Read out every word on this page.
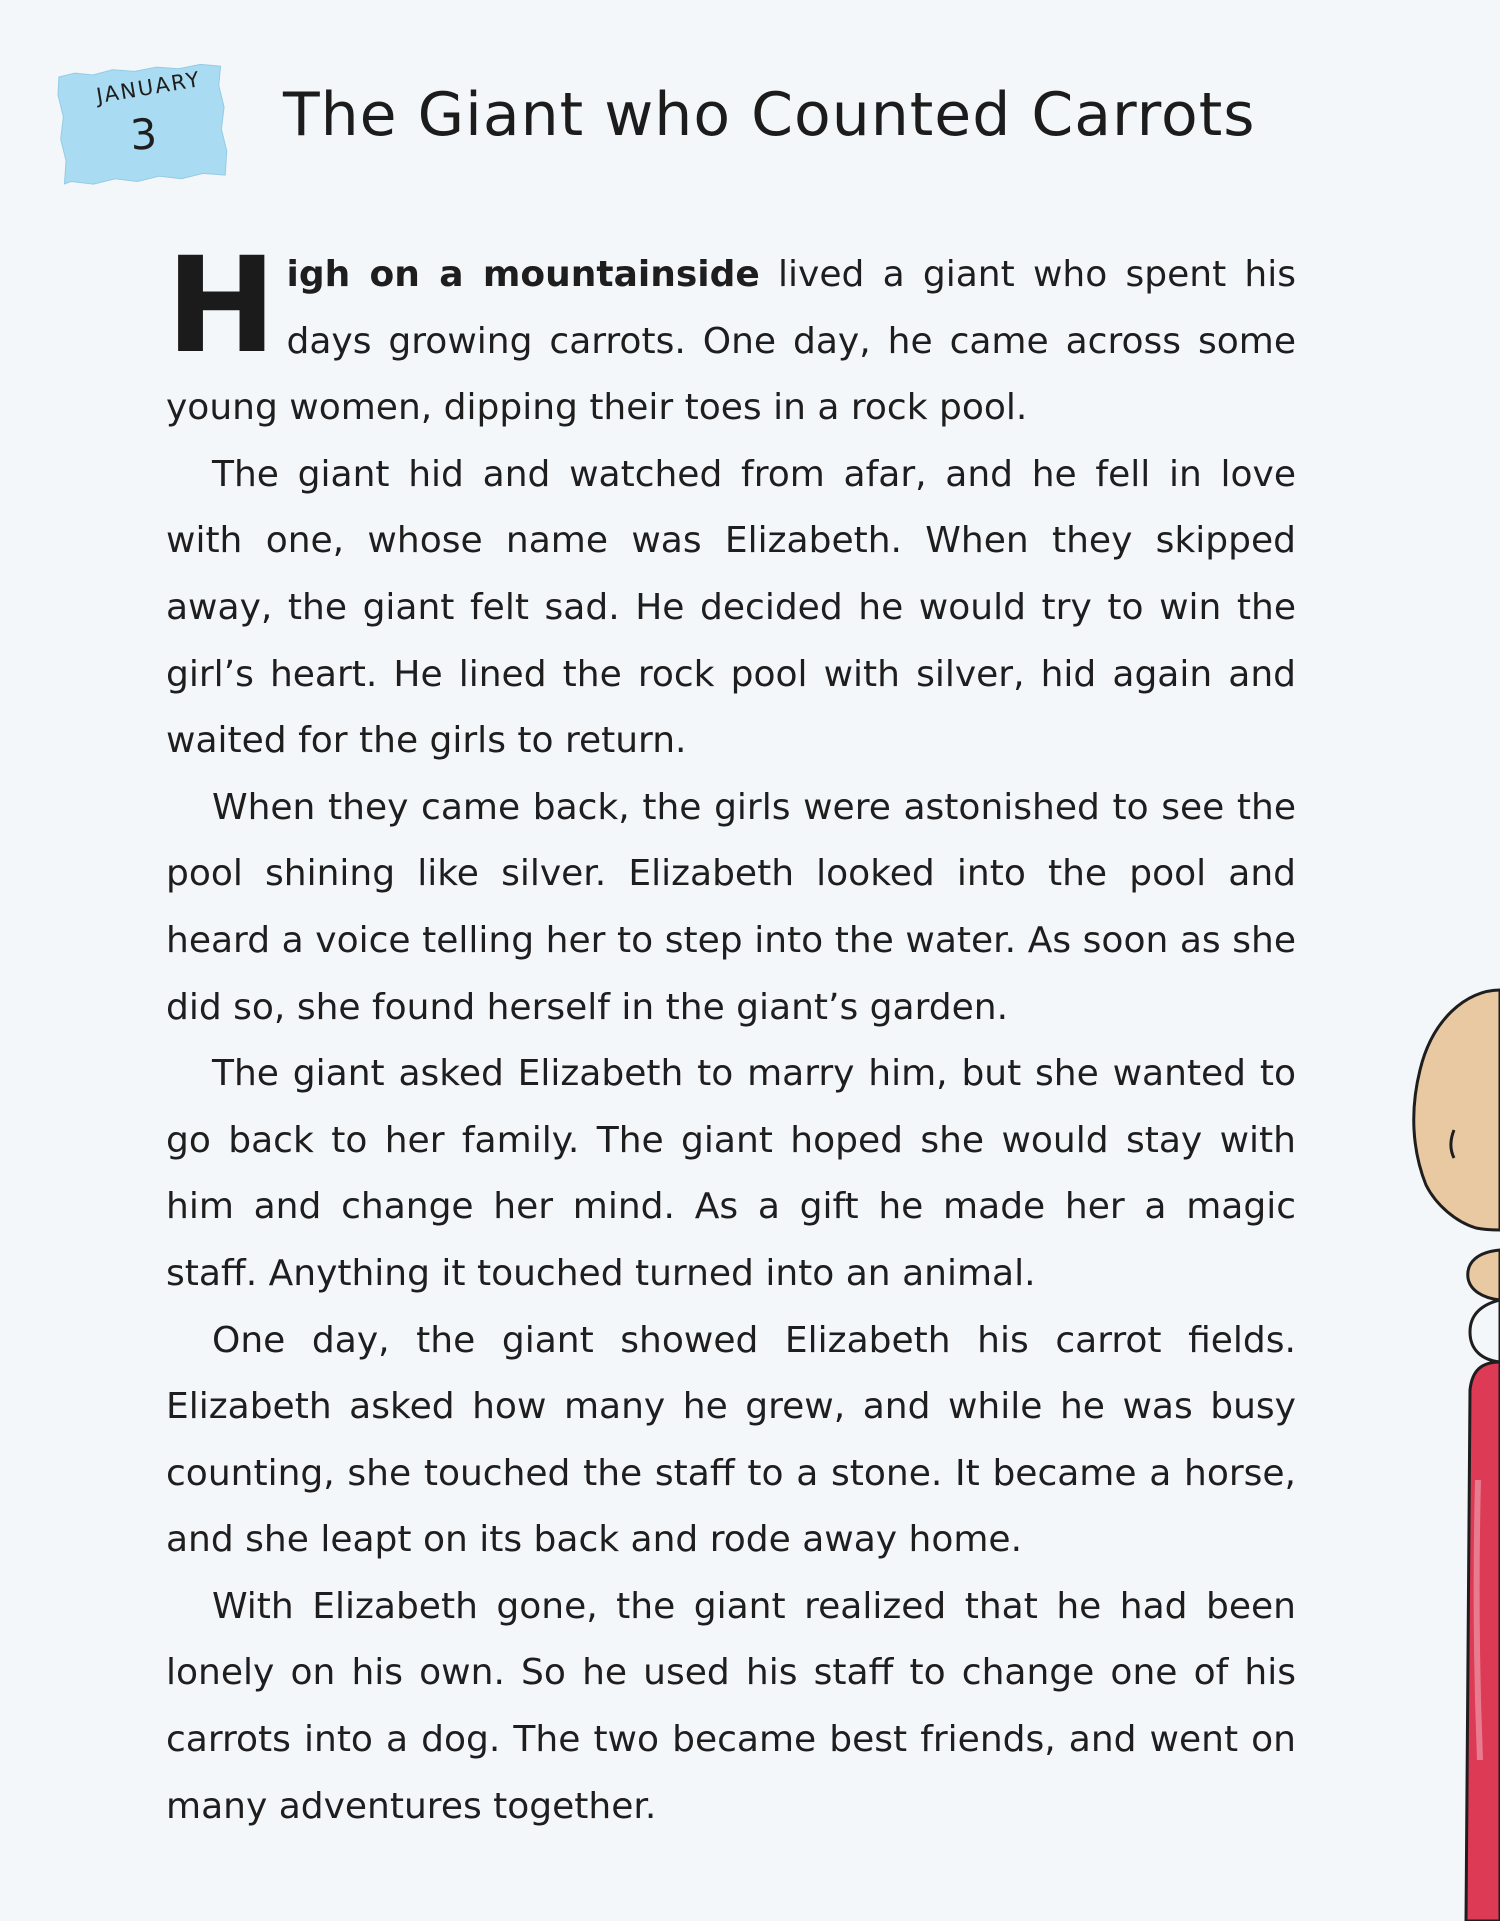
JANUARY
3	The Giant who Counted Carrots

High on a mountainside lived a giant who spent his days growing carrots. One day, he came across some young women, dipping their toes in a rock pool.

The giant hid and watched from afar, and he fell in love with one, whose name was Elizabeth. When they skipped away, the giant felt sad. He decided he would try to win the girl’s heart. He lined the rock pool with silver, hid again and waited for the girls to return.

When they came back, the girls were astonished to see the pool shining like silver. Elizabeth looked into the pool and heard a voice telling her to step into the water. As soon as she did so, she found herself in the giant’s garden.

The giant asked Elizabeth to marry him, but she wanted to go back to her family. The giant hoped she would stay with him and change her mind. As a gift he made her a magic staff. Anything it touched turned into an animal.

One day, the giant showed Elizabeth his carrot fields. Elizabeth asked how many he grew, and while he was busy counting, she touched the staff to a stone. It became a horse, and she leapt on its back and rode away home.

With Elizabeth gone, the giant realized that he had been lonely on his own. So he used his staff to change one of his carrots into a dog. The two became best friends, and went on many adventures together.
